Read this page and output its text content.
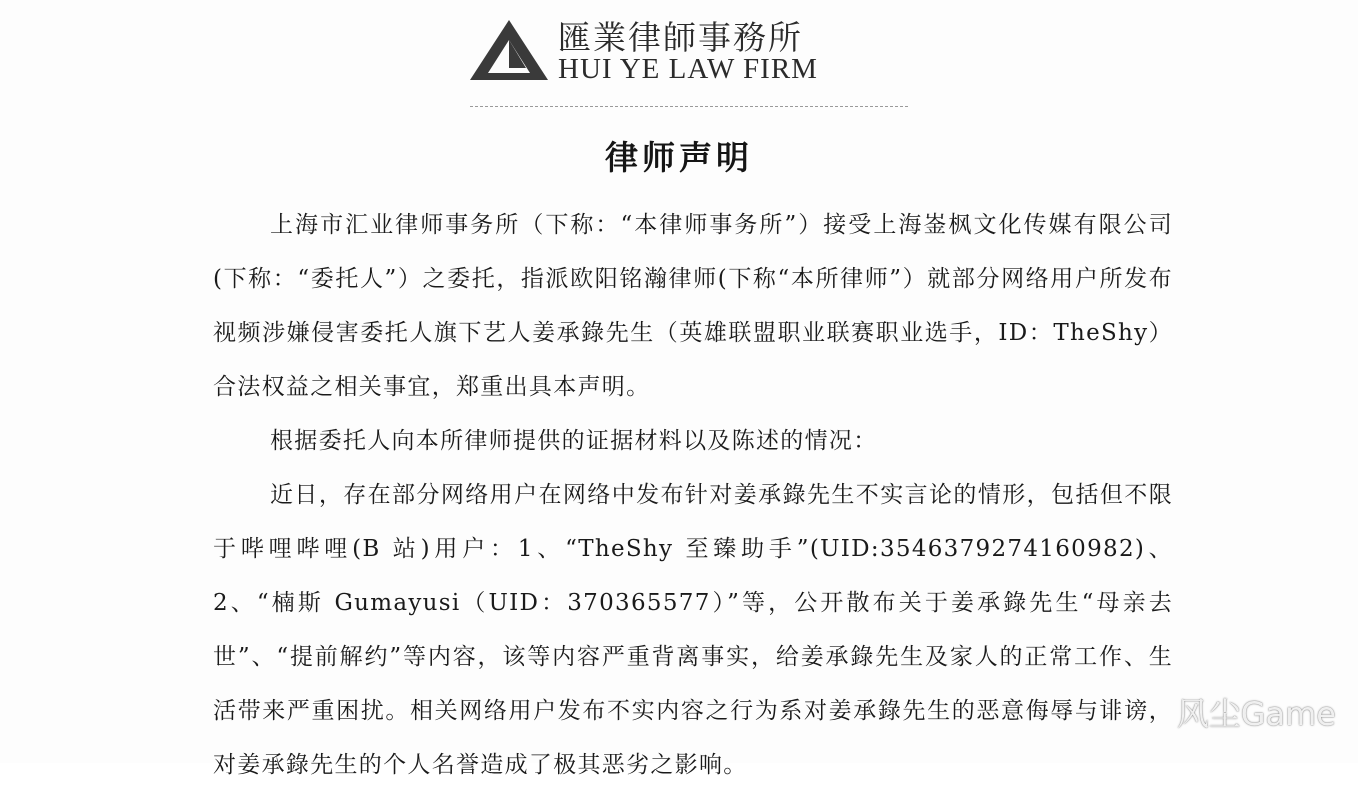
匯業律師事務所
HUI YE LAW FIRM
律师声明

上海市汇业律师事务所（下称：“本律师事务所”）接受上海崟枫文化传媒有限公司(下称：“委托人”）之委托，指派欧阳铭瀚律师(下称“本所律师”）就部分网络用户所发布视频涉嫌侵害委托人旗下艺人姜承錄先生（英雄联盟职业联赛职业选手，ID：TheShy）合法权益之相关事宜，郑重出具本声明。

根据委托人向本所律师提供的证据材料以及陈述的情况：

近日，存在部分网络用户在网络中发布针对姜承錄先生不实言论的情形，包括但不限于哔哩哔哩(B 站)用户：1、“TheShy 至臻助手”(UID:3546379274160982)、2、“楠斯 Gumayusi（UID：370365577）”等，公开散布关于姜承錄先生“母亲去世”、“提前解约”等内容，该等内容严重背离事实，给姜承錄先生及家人的正常工作、生活带来严重困扰。相关网络用户发布不实内容之行为系对姜承錄先生的恶意侮辱与诽谤，对姜承錄先生的个人名誉造成了极其恶劣之影响。

风尘Game
